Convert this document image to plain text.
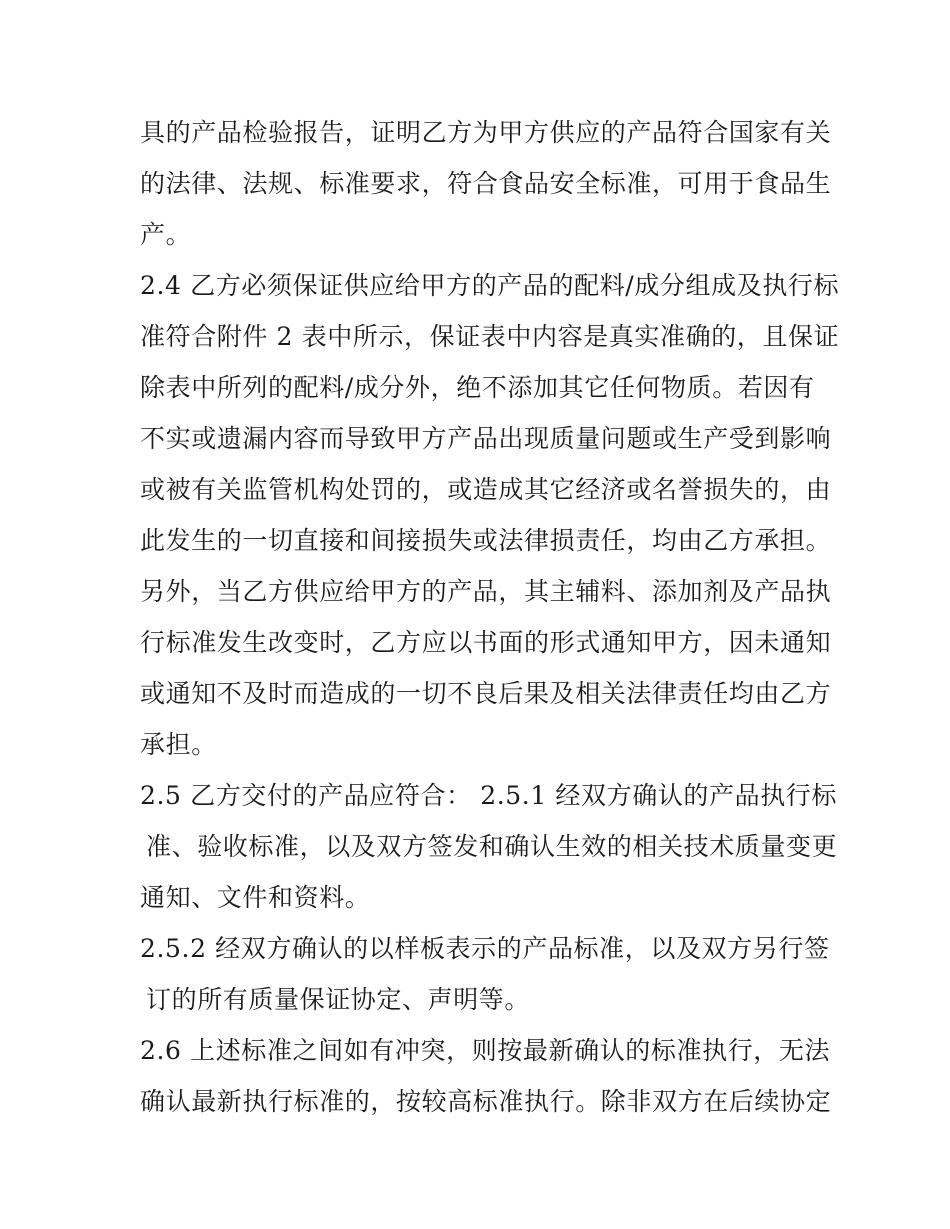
具的产品检验报告，证明乙方为甲方供应的产品符合国家有关
的法律、法规、标准要求，符合食品安全标准，可用于食品生
产。
2.4 乙方必须保证供应给甲方的产品的配料/成分组成及执行标
准符合附件 2 表中所示，保证表中内容是真实准确的，且保证
除表中所列的配料/成分外，绝不添加其它任何物质。若因有
不实或遗漏内容而导致甲方产品出现质量问题或生产受到影响
或被有关监管机构处罚的，或造成其它经济或名誉损失的，由
此发生的一切直接和间接损失或法律损责任，均由乙方承担。
另外，当乙方供应给甲方的产品，其主辅料、添加剂及产品执
行标准发生改变时，乙方应以书面的形式通知甲方，因未通知
或通知不及时而造成的一切不良后果及相关法律责任均由乙方
承担。
2.5 乙方交付的产品应符合： 2.5.1 经双方确认的产品执行标
准、验收标准，以及双方签发和确认生效的相关技术质量变更
通知、文件和资料。
2.5.2 经双方确认的以样板表示的产品标准，以及双方另行签
订的所有质量保证协定、声明等。
2.6 上述标准之间如有冲突，则按最新确认的标准执行，无法
确认最新执行标准的，按较高标准执行。除非双方在后续协定
